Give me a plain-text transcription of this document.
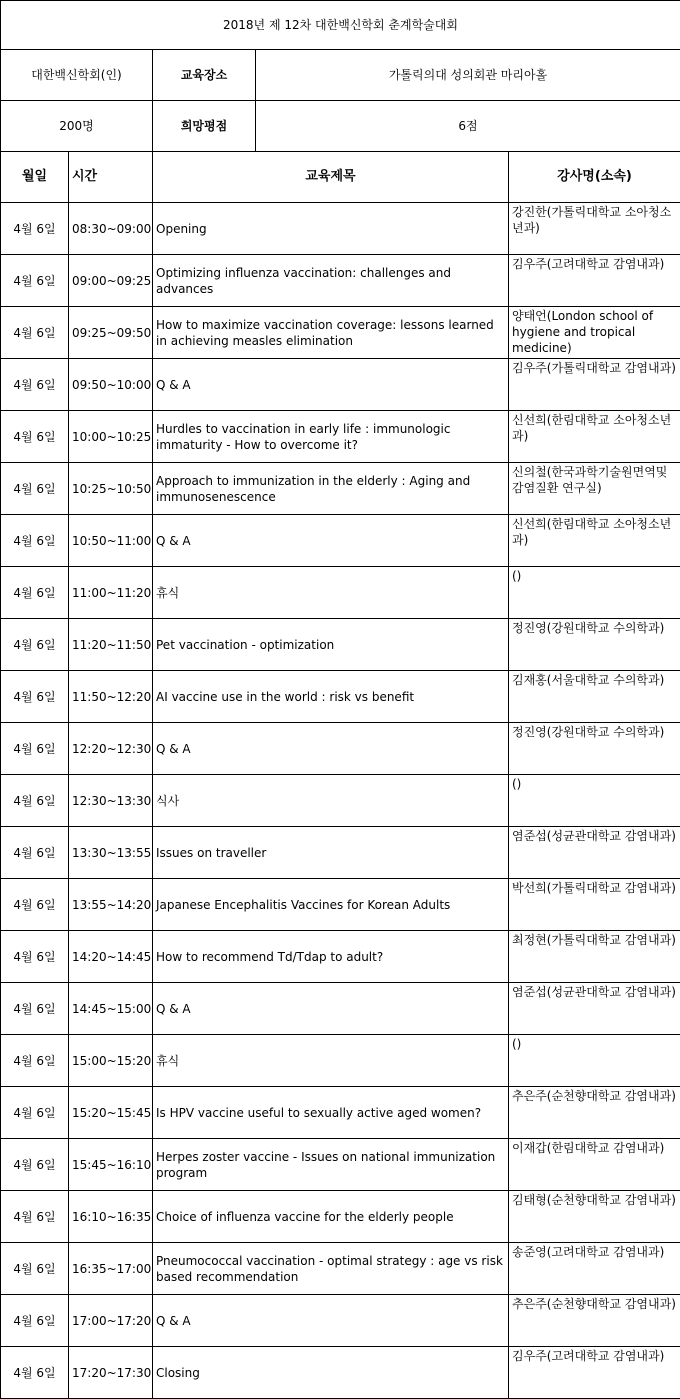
2018년 제 12차 대한백신학회 춘계학술대회				
대한백신학회(인)		교육장소	가톨릭의대 성의회관 마리아홀	
200명		희망평점	6점	
월일	시간	교육제목		강사명(소속)
4월 6일	08:30~09:00	Opening		강진한(가톨릭대학교 소아청소년과)
4월 6일	09:00~09:25	Optimizing influenza vaccination: challenges and advances		김우주(고려대학교 감염내과)
4월 6일	09:25~09:50	How to maximize vaccination coverage: lessons learned in achieving measles elimination		양태언(London school of hygiene and tropical medicine)
4월 6일	09:50~10:00	Q & A		김우주(가톨릭대학교 감염내과)
4월 6일	10:00~10:25	Hurdles to vaccination in early life : immunologic immaturity - How to overcome it?		신선희(한림대학교 소아청소년과)
4월 6일	10:25~10:50	Approach to immunization in the elderly : Aging and immunosenescence		신의철(한국과학기술원면역및감염질환 연구실)
4월 6일	10:50~11:00	Q & A		신선희(한림대학교 소아청소년과)
4월 6일	11:00~11:20	휴식		()
4월 6일	11:20~11:50	Pet vaccination - optimization		정진영(강원대학교 수의학과)
4월 6일	11:50~12:20	AI vaccine use in the world : risk vs benefit		김재홍(서울대학교 수의학과)
4월 6일	12:20~12:30	Q & A		정진영(강원대학교 수의학과)
4월 6일	12:30~13:30	식사		()
4월 6일	13:30~13:55	Issues on traveller		염준섭(성균관대학교 감염내과)
4월 6일	13:55~14:20	Japanese Encephalitis Vaccines for Korean Adults		박선희(가톨릭대학교 감염내과)
4월 6일	14:20~14:45	How to recommend Td/Tdap to adult?		최정현(가톨릭대학교 감염내과)
4월 6일	14:45~15:00	Q & A		염준섭(성균관대학교 감염내과)
4월 6일	15:00~15:20	휴식		()
4월 6일	15:20~15:45	Is HPV vaccine useful to sexually active aged women?		추은주(순천향대학교 감염내과)
4월 6일	15:45~16:10	Herpes zoster vaccine - Issues on national immunization program		이재갑(한림대학교 감염내과)
4월 6일	16:10~16:35	Choice of influenza vaccine for the elderly people		김태형(순천향대학교 감염내과)
4월 6일	16:35~17:00	Pneumococcal vaccination - optimal strategy : age vs risk based recommendation		송준영(고려대학교 감염내과)
4월 6일	17:00~17:20	Q & A		추은주(순천향대학교 감염내과)
4월 6일	17:20~17:30	Closing		김우주(고려대학교 감염내과)
